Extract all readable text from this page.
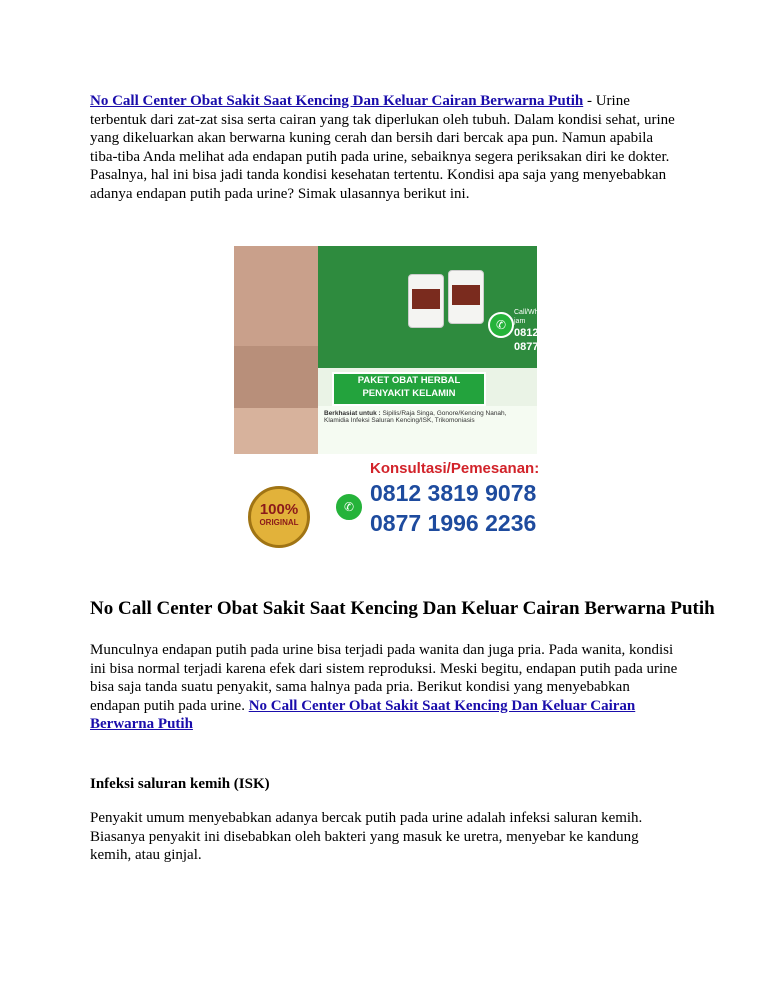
No Call Center Obat Sakit Saat Kencing Dan Keluar Cairan Berwarna Putih - Urine terbentuk dari zat-zat sisa serta cairan yang tak diperlukan oleh tubuh. Dalam kondisi sehat, urine yang dikeluarkan akan berwarna kuning cerah dan bersih dari bercak apa pun. Namun apabila tiba-tiba Anda melihat ada endapan putih pada urine, sebaiknya segera periksakan diri ke dokter. Pasalnya, hal ini bisa jadi tanda kondisi kesehatan tertentu. Kondisi apa saja yang menyebabkan adanya endapan putih pada urine? Simak ulasannya berikut ini.

✆
Call/WhatsApp/SMS Online 24 jam
0812 3819 9078
0877 1996 2236
PAKET OBAT HERBAL
PENYAKIT KELAMIN
Berkhasiat untuk : Sipilis/Raja Singa, Gonore/Kencing Nanah, Klamidia Infeksi Saluran Kencing/ISK, Trikomoniasis
100%
ORIGINAL
✆
Konsultasi/Pemesanan:
0812 3819 9078
0877 1996 2236
No Call Center Obat Sakit Saat Kencing Dan Keluar Cairan Berwarna Putih

Munculnya endapan putih pada urine bisa terjadi pada wanita dan juga pria. Pada wanita, kondisi ini bisa normal terjadi karena efek dari sistem reproduksi. Meski begitu, endapan putih pada urine bisa saja tanda suatu penyakit, sama halnya pada pria. Berikut kondisi yang menyebabkan endapan putih pada urine. No Call Center Obat Sakit Saat Kencing Dan Keluar Cairan Berwarna Putih

Infeksi saluran kemih (ISK)

Penyakit umum menyebabkan adanya bercak putih pada urine adalah infeksi saluran kemih. Biasanya penyakit ini disebabkan oleh bakteri yang masuk ke uretra, menyebar ke kandung kemih, atau ginjal.
